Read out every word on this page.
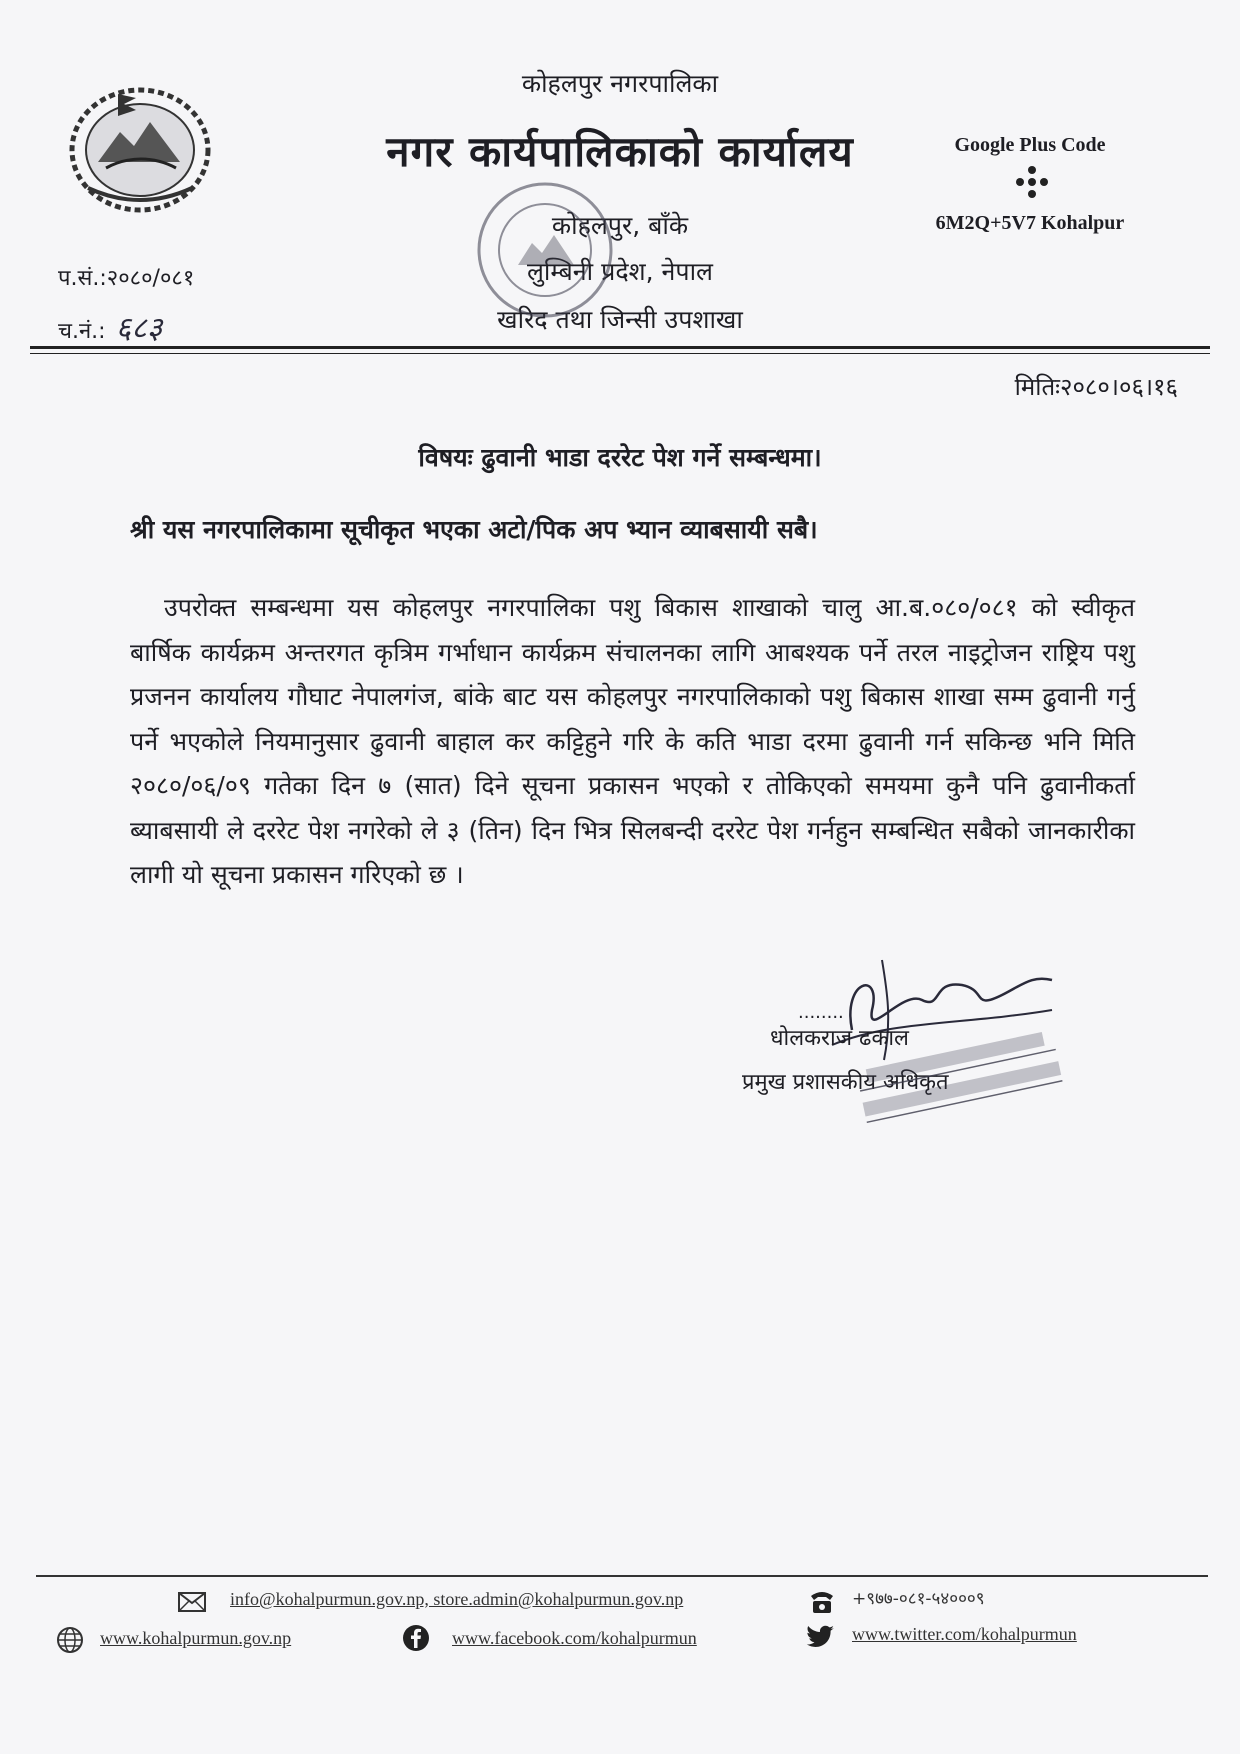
कोहलपुर नगरपालिका
नगर कार्यपालिकाको कार्यालय
कोहलपुर, बाँके
लुम्बिनी प्रदेश, नेपाल
खरिद तथा जिन्सी उपशाखा
Google Plus Code
6M2Q+5V7 Kohalpur
प.सं.:२०८०/०८१
च.नं.: ६८३
मितिः२०८०।०६।१६
विषयः ढुवानी भाडा दररेट पेश गर्ने सम्बन्धमा।
श्री यस नगरपालिकामा सूचीकृत भएका अटो/पिक अप भ्यान व्याबसायी सबै।
उपरोक्त सम्बन्धमा यस कोहलपुर नगरपालिका पशु बिकास शाखाको चालु आ.ब.०८०/०८१ को स्वीकृत बार्षिक कार्यक्रम अन्तरगत कृत्रिम गर्भाधान कार्यक्रम संचालनका लागि आबश्यक पर्ने तरल नाइट्रोजन राष्ट्रिय पशु प्रजनन कार्यालय गौघाट नेपालगंज, बांके बाट यस कोहलपुर नगरपालिकाको पशु बिकास शाखा सम्म ढुवानी गर्नु पर्ने भएकोले नियमानुसार ढुवानी बाहाल कर कट्टिहुने गरि के कति भाडा दरमा ढुवानी गर्न सकिन्छ भनि मिति २०८०/०६/०९ गतेका दिन ७ (सात) दिने सूचना प्रकासन भएको र तोकिएको समयमा कुनै पनि ढुवानीकर्ता ब्याबसायी ले दररेट पेश नगरेको ले ३ (तिन) दिन भित्र सिलबन्दी दररेट पेश गर्नहुन सम्बन्धित सबैको जानकारीका लागी यो सूचना प्रकासन गरिएको छ ।
........
धोलकराज ढकाल
प्रमुख प्रशासकीय अधिकृत
info@kohalpurmun.gov.np, store.admin@kohalpurmun.gov.np	+९७७-०८१-५४०००९
www.kohalpurmun.gov.np	www.facebook.com/kohalpurmun	www.twitter.com/kohalpurmun
